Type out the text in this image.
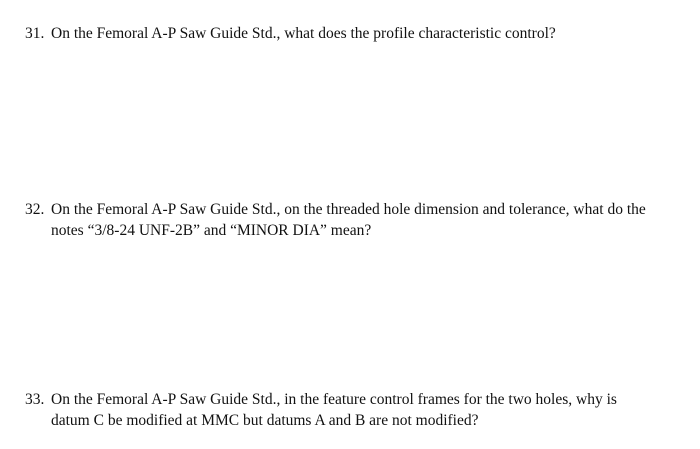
31. On the Femoral A-P Saw Guide Std., what does the profile characteristic control?
32. On the Femoral A-P Saw Guide Std., on the threaded hole dimension and tolerance, what do the
notes “3/8-24 UNF-2B” and “MINOR DIA” mean?
33. On the Femoral A-P Saw Guide Std., in the feature control frames for the two holes, why is
datum C be modified at MMC but datums A and B are not modified?
